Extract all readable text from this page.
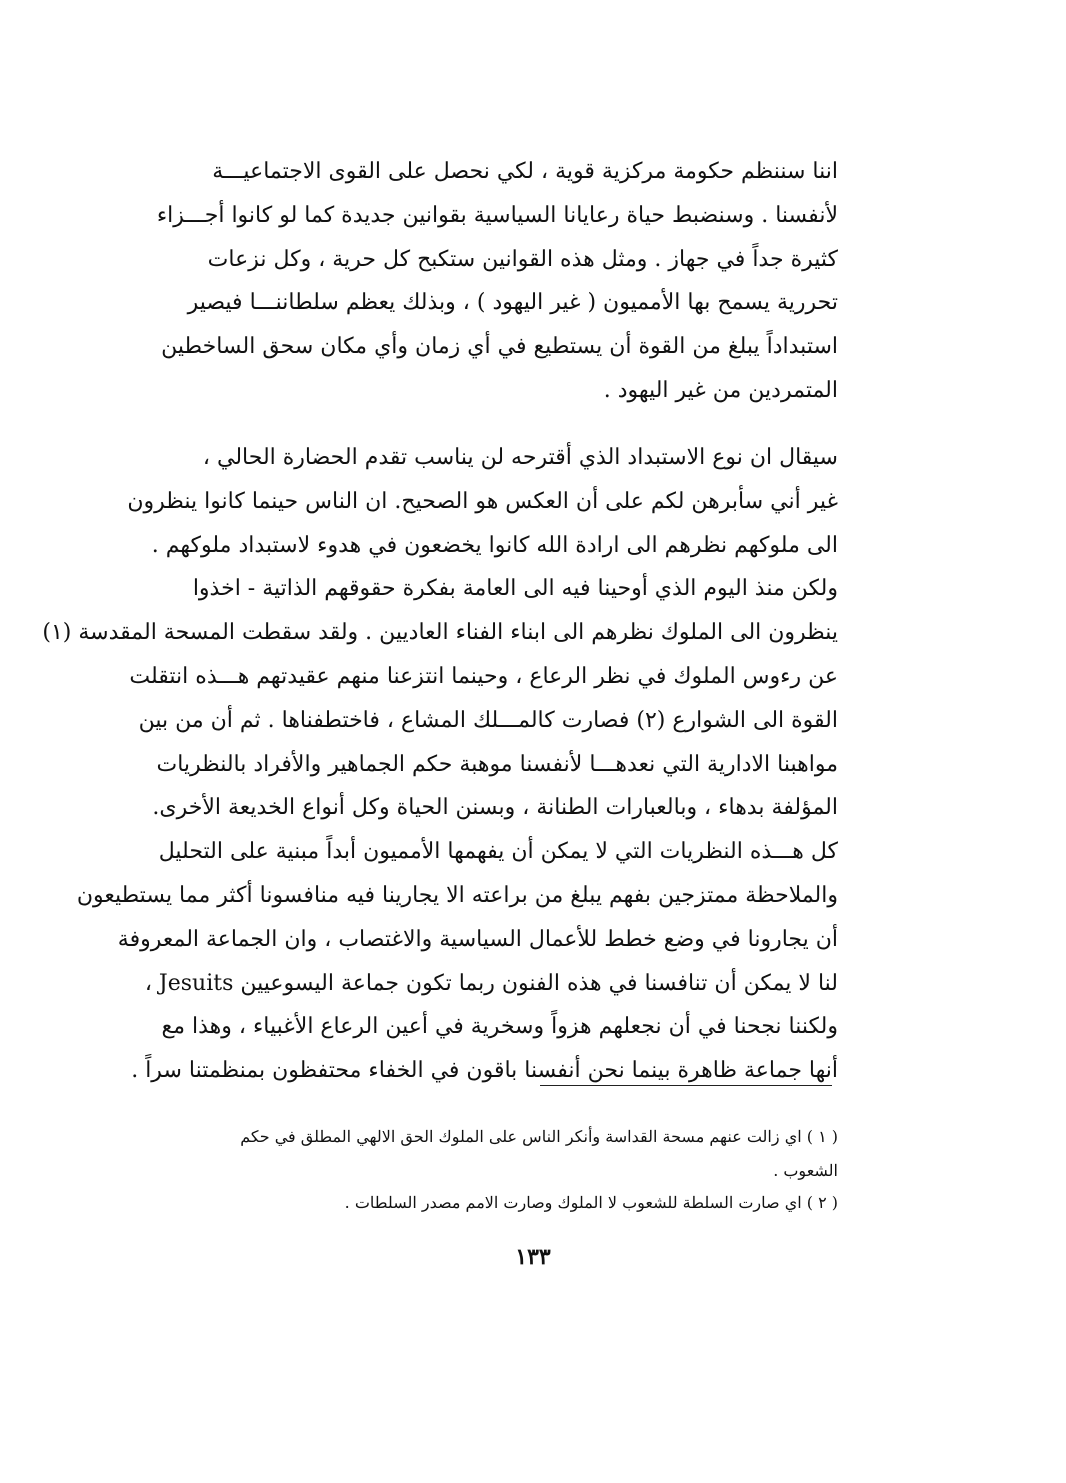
اننا سننظم حكومة مركزية قوية ، لكي نحصل على القوى الاجتماعيـــة
لأنفسنا . وسنضبط حياة رعايانا السياسية بقوانين جديدة كما لو كانوا أجـــزاء
كثيرة جداً في جهاز . ومثل هذه القوانين ستكبح كل حرية ، وكل نزعات
تحررية يسمح بها الأمميون ( غير اليهود ) ، وبذلك يعظم سلطاننـــا فيصير
استبداداً يبلغ من القوة أن يستطيع في أي زمان وأي مكان سحق الساخطين
المتمردين من غير اليهود .
سيقال ان نوع الاستبداد الذي أقترحه لن يناسب تقدم الحضارة الحالي ،
غير أني سأبرهن لكم على أن العكس هو الصحيح. ان الناس حينما كانوا ينظرون
الى ملوكهم نظرهم الى ارادة الله كانوا يخضعون في هدوء لاستبداد ملوكهم .
ولكن منذ اليوم الذي أوحينا فيه الى العامة بفكرة حقوقهم الذاتية - اخذوا
ينظرون الى الملوك نظرهم الى ابناء الفناء العاديين . ولقد سقطت المسحة المقدسة (١)
عن رءوس الملوك في نظر الرعاع ، وحينما انتزعنا منهم عقيدتهم هـــذه انتقلت
القوة الى الشوارع (٢) فصارت كالمـــلك المشاع ، فاختطفناها . ثم أن من بين
مواهبنا الادارية التي نعدهـــا لأنفسنا موهبة حكم الجماهير والأفراد بالنظريات
المؤلفة بدهاء ، وبالعبارات الطنانة ، وبسنن الحياة وكل أنواع الخديعة الأخرى.
كل هـــذه النظريات التي لا يمكن أن يفهمها الأمميون أبداً مبنية على التحليل
والملاحظة ممتزجين بفهم يبلغ من براعته الا يجارينا فيه منافسونا أكثر مما يستطيعون
أن يجارونا في وضع خطط للأعمال السياسية والاغتصاب ، وان الجماعة المعروفة
لنا لا يمكن أن تنافسنا في هذه الفنون ربما تكون جماعة اليسوعيين Jesuits ،
ولكننا نجحنا في أن نجعلهم هزواً وسخرية في أعين الرعاع الأغبياء ، وهذا مع
أنها جماعة ظاهرة بينما نحن أنفسنا باقون في الخفاء محتفظون بمنظمتنا سراً .
( ١ ) اي زالت عنهم مسحة القداسة وأنكر الناس على الملوك الحق الالهي المطلق في حكم
الشعوب .
( ٢ ) اي صارت السلطة للشعوب لا الملوك وصارت الامم مصدر السلطات .
١٣٣
